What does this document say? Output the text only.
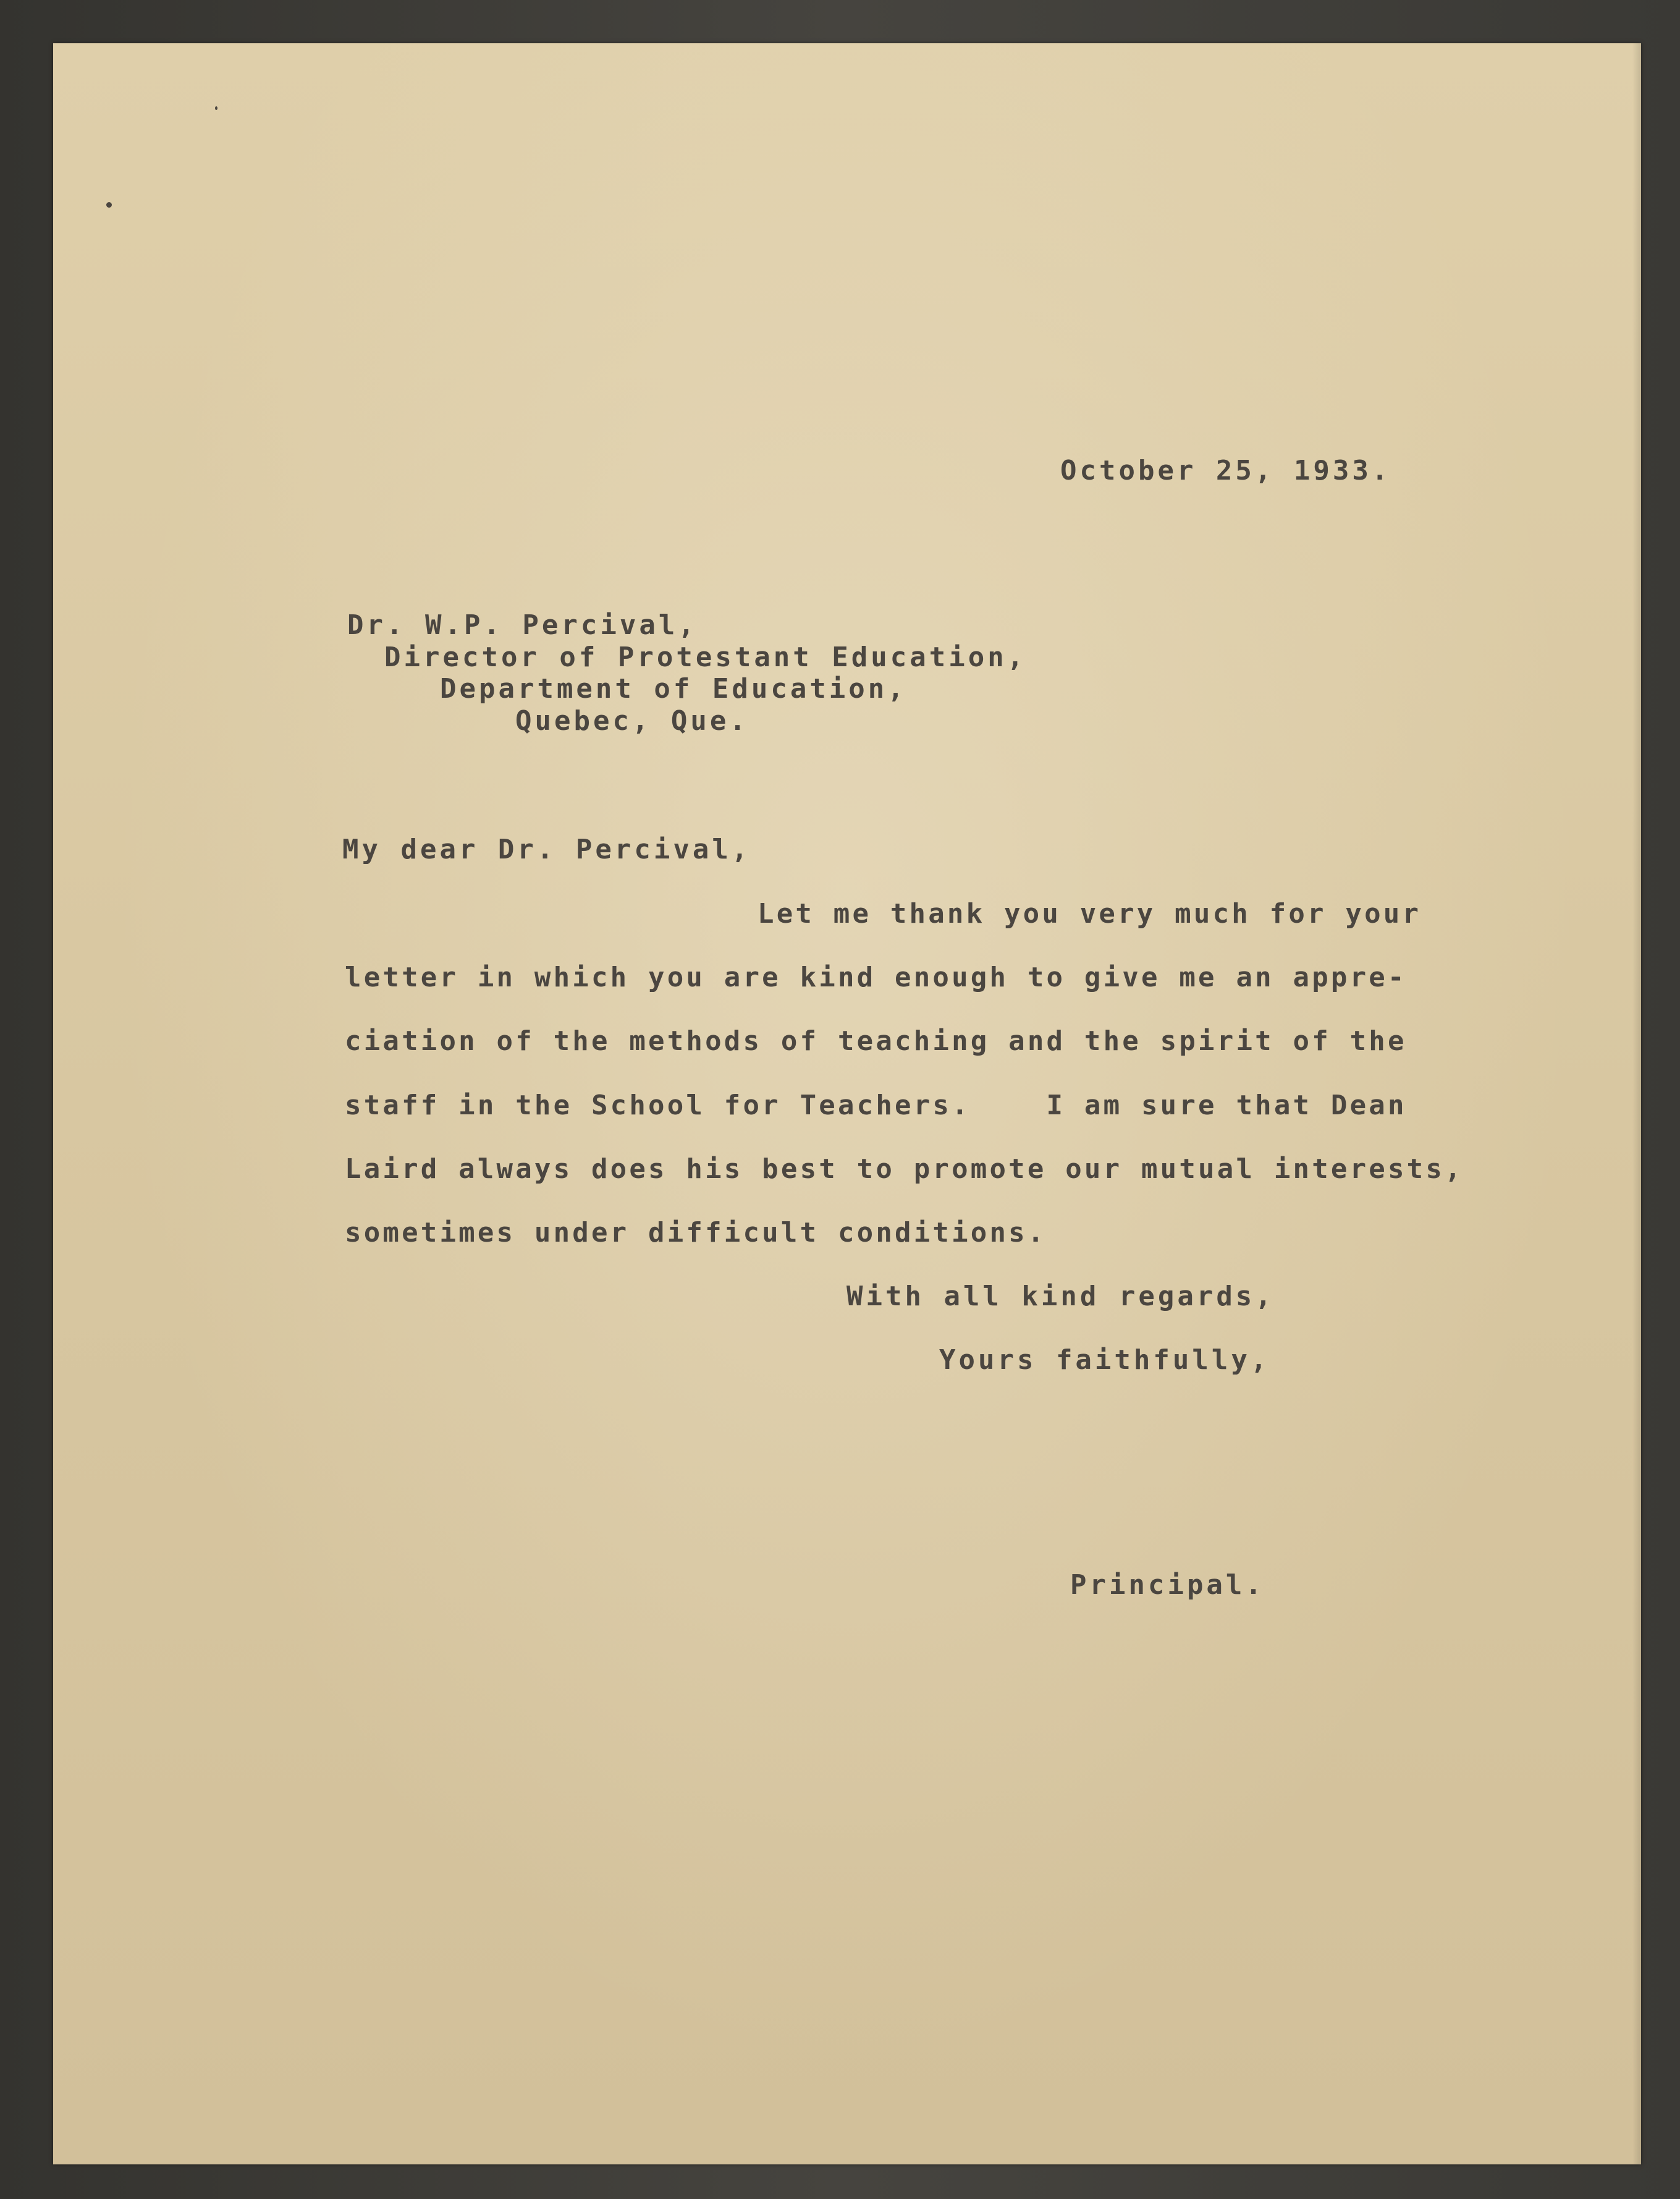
October 25, 1933.

Dr. W.P. Percival,

Director of Protestant Education,

Department of Education,

Quebec, Que.

My dear Dr. Percival,

Let me thank you very much for your

letter in which you are kind enough to give me an appre-

ciation of the methods of teaching and the spirit of the

staff in the School for Teachers.    I am sure that Dean

Laird always does his best to promote our mutual interests,

sometimes under difficult conditions.

With all kind regards,

Yours faithfully,

Principal.
